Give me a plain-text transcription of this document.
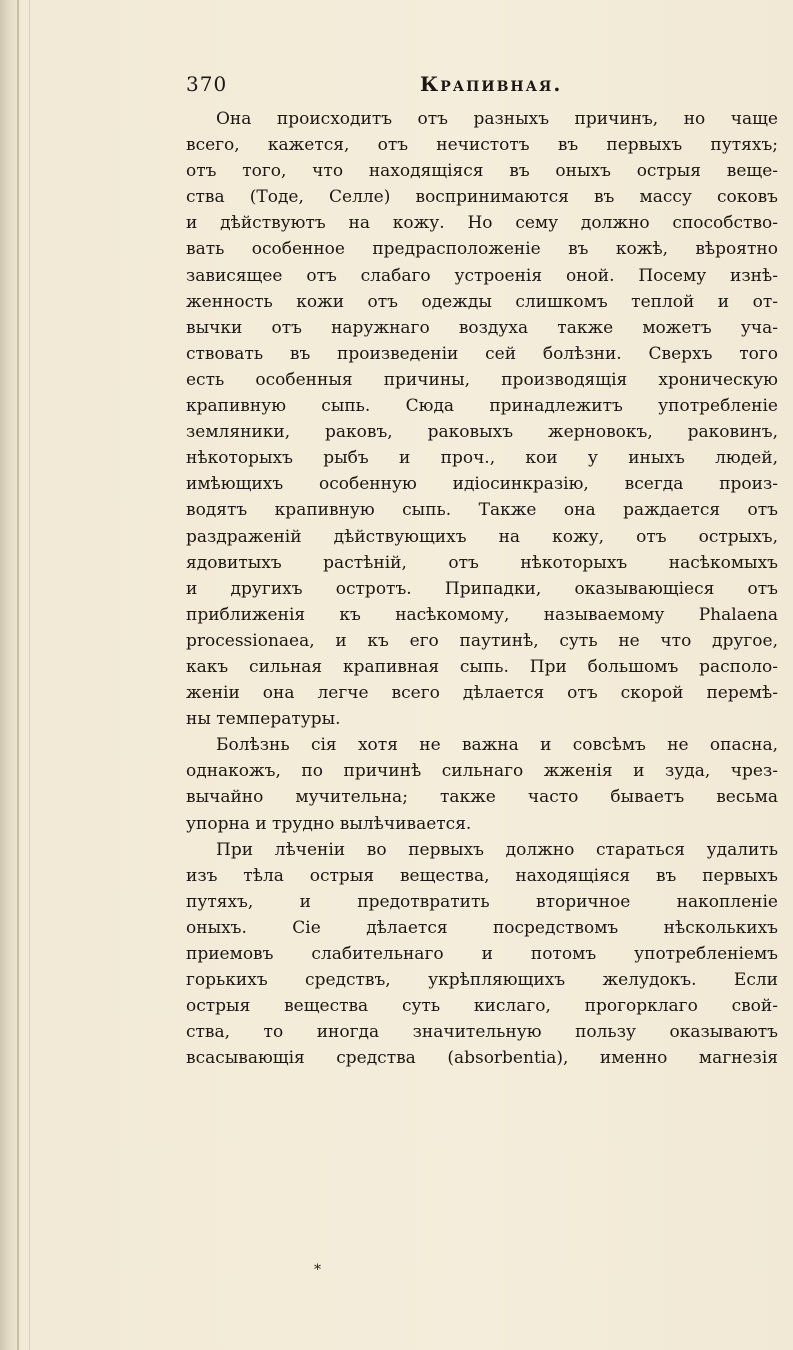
370	Крапивная.
Она происходитъ отъ разныхъ причинъ, но чаще
всего, кажется, отъ нечистотъ въ первыхъ путяхъ;
отъ того, что находящіяся въ оныхъ острыя веще-
ства (Тоде, Селле) воспринимаются въ массу соковъ
и дѣйствуютъ на кожу. Но сему должно способство-
вать особенное предрасположеніе въ кожѣ, вѣроятно
зависящее отъ слабаго устроенія оной. Посему изнѣ-
женность кожи отъ одежды слишкомъ теплой и от-
вычки отъ наружнаго воздуха также можетъ уча-
ствовать въ произведеніи сей болѣзни. Сверхъ того
есть особенныя причины, производящія хроническую
крапивную сыпь. Сюда принадлежитъ употребленіе
земляники, раковъ, раковыхъ жерновокъ, раковинъ,
нѣкоторыхъ рыбъ и проч., кои у иныхъ людей,
имѣющихъ особенную идіосинкразію, всегда произ-
водятъ крапивную сыпь. Также она раждается отъ
раздраженій дѣйствующихъ на кожу, отъ острыхъ,
ядовитыхъ растѣній, отъ нѣкоторыхъ насѣкомыхъ
и другихъ остротъ. Припадки, оказывающіеся отъ
приближенія къ насѣкомому, называемому Phalaena
processionaea, и къ его паутинѣ, суть не что другое,
какъ сильная крапивная сыпь. При большомъ располо-
женіи она легче всего дѣлается отъ скорой перемѣ-
ны температуры.
Болѣзнь сія хотя не важна и совсѣмъ не опасна,
однакожъ, по причинѣ сильнаго жженія и зуда, чрез-
вычайно мучительна; также часто бываетъ весьма
упорна и трудно вылѣчивается.
При лѣченіи во первыхъ должно стараться удалить
изъ тѣла острыя вещества, находящіяся въ первыхъ
путяхъ, и предотвратить вторичное накопленіе
оныхъ. Сіе дѣлается посредствомъ нѣсколькихъ
приемовъ слабительнаго и потомъ употребленіемъ
горькихъ средствъ, укрѣпляющихъ желудокъ. Если
острыя вещества суть кислаго, прогорклаго свой-
ства, то иногда значительную пользу оказываютъ
всасывающія средства (absorbentia), именно магнезія
*
